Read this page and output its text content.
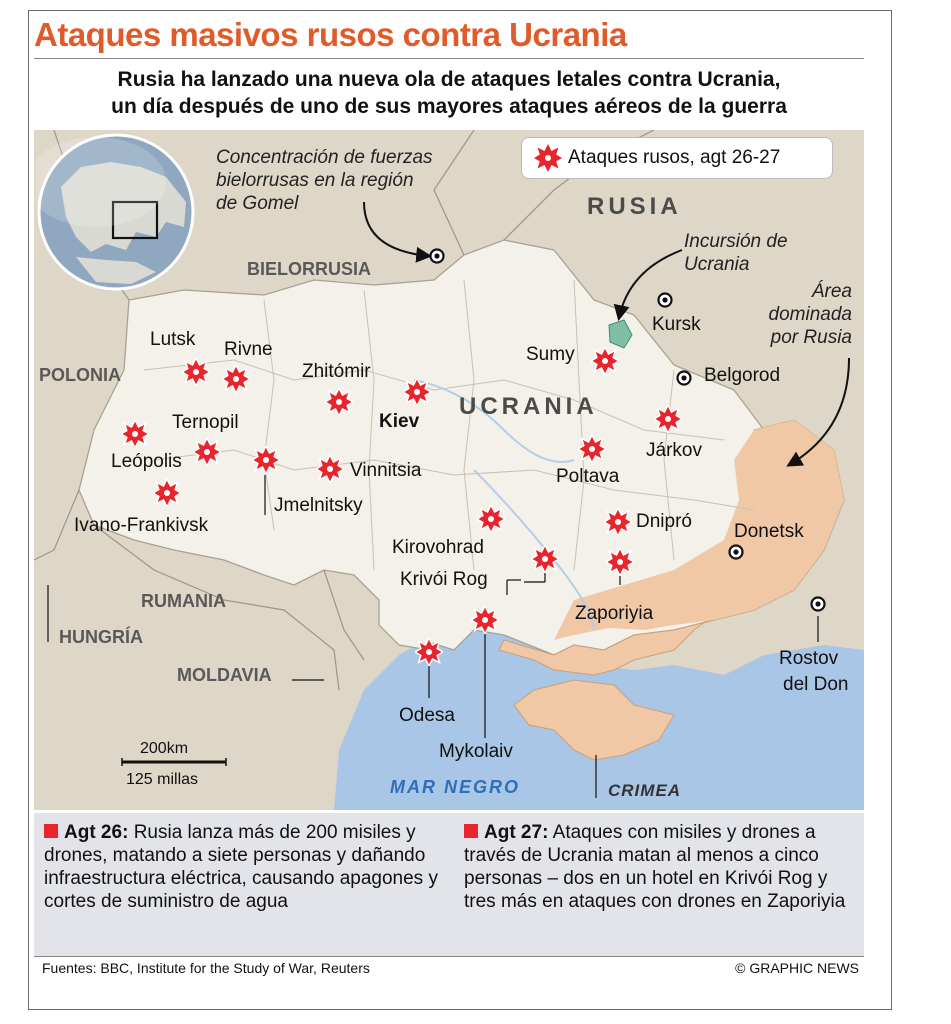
Ataques masivos rusos contra Ucrania
Rusia ha lanzado una nueva ola de ataques letales contra Ucrania,
un día después de uno de sus mayores ataques aéreos de la guerra
Ataques rusos, agt 26-27
RUSIA
BIELORRUSIA
POLONIA
UCRANIA
RUMANIA
HUNGRÍA
MOLDAVIA
MAR NEGRO	CRIMEA
Lutsk Rivne
Zhitómir
Kiev
Sumy
Kursk
Belgorod
Ternopil
Leópolis
Jmelnitsky
Vinnitsia	Poltava
Járkov
Ivano-Frankivsk
Kirovohrad
Dnipró Donetsk
Krivói Rog
Zaporiyia
Rostov
del Don
Odesa
Mykolaiv
Concentración de fuerzas
bielorrusas en la región
de Gomel
Incursión de
Ucrania
Área
dominada
por Rusia
200km
125 millas
Agt 26: Rusia lanza más de 200 misiles y drones, matando a siete personas y dañando infraestructura eléctrica, causando apagones y cortes de suministro de agua
Agt 27: Ataques con misiles y drones a través de Ucrania matan al menos a cinco personas – dos en un hotel en Krivói Rog y tres más en ataques con drones en Zaporiyia
Fuentes: BBC, Institute for the Study of War, Reuters	© GRAPHIC NEWS
